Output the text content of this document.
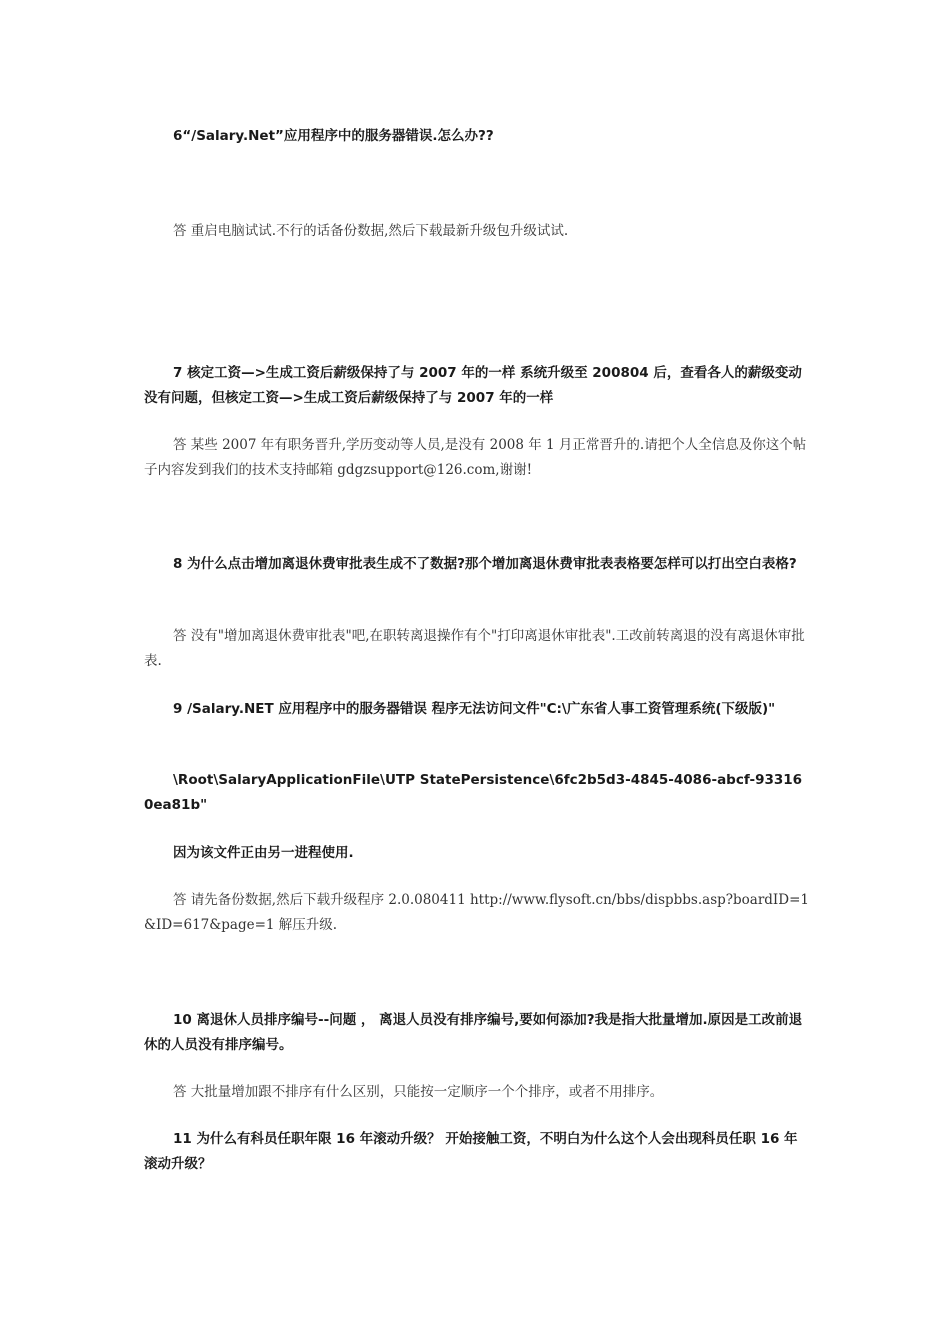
6“/Salary.Net”应用程序中的服务器错误.怎么办??

答 重启电脑试试.不行的话备份数据,然后下载最新升级包升级试试.

7 核定工资—>生成工资后薪级保持了与 2007 年的一样 系统升级至 200804 后，查看各人的薪级变动没有问题，但核定工资—>生成工资后薪级保持了与 2007 年的一样

答 某些 2007 年有职务晋升,学历变动等人员,是没有 2008 年 1 月正常晋升的.请把个人全信息及你这个帖子内容发到我们的技术支持邮箱 gdgzsupport@126.com,谢谢!

8 为什么点击增加离退休费审批表生成不了数据?那个增加离退休费审批表表格要怎样可以打出空白表格?

答 没有"增加离退休费审批表"吧,在职转离退操作有个"打印离退休审批表".工改前转离退的没有离退休审批表.

9 /Salary.NET 应用程序中的服务器错误 程序无法访问文件"C:\广东省人事工资管理系统(下级版)"

\Root\SalaryApplicationFile\UTP StatePersistence\6fc2b5d3-4845-4086-abcf-933160ea81b"

因为该文件正由另一进程使用.

答 请先备份数据,然后下载升级程序 2.0.080411 http://www.flysoft.cn/bbs/dispbbs.asp?boardID=1&ID=617&page=1 解压升级.

10 离退休人员排序编号--问题 ， 离退人员没有排序编号,要如何添加?我是指大批量增加.原因是工改前退休的人员没有排序编号。

答 大批量增加跟不排序有什么区别，只能按一定顺序一个个排序，或者不用排序。

11 为什么有科员任职年限 16 年滚动升级？ 开始接触工资，不明白为什么这个人会出现科员任职 16 年滚动升级？
